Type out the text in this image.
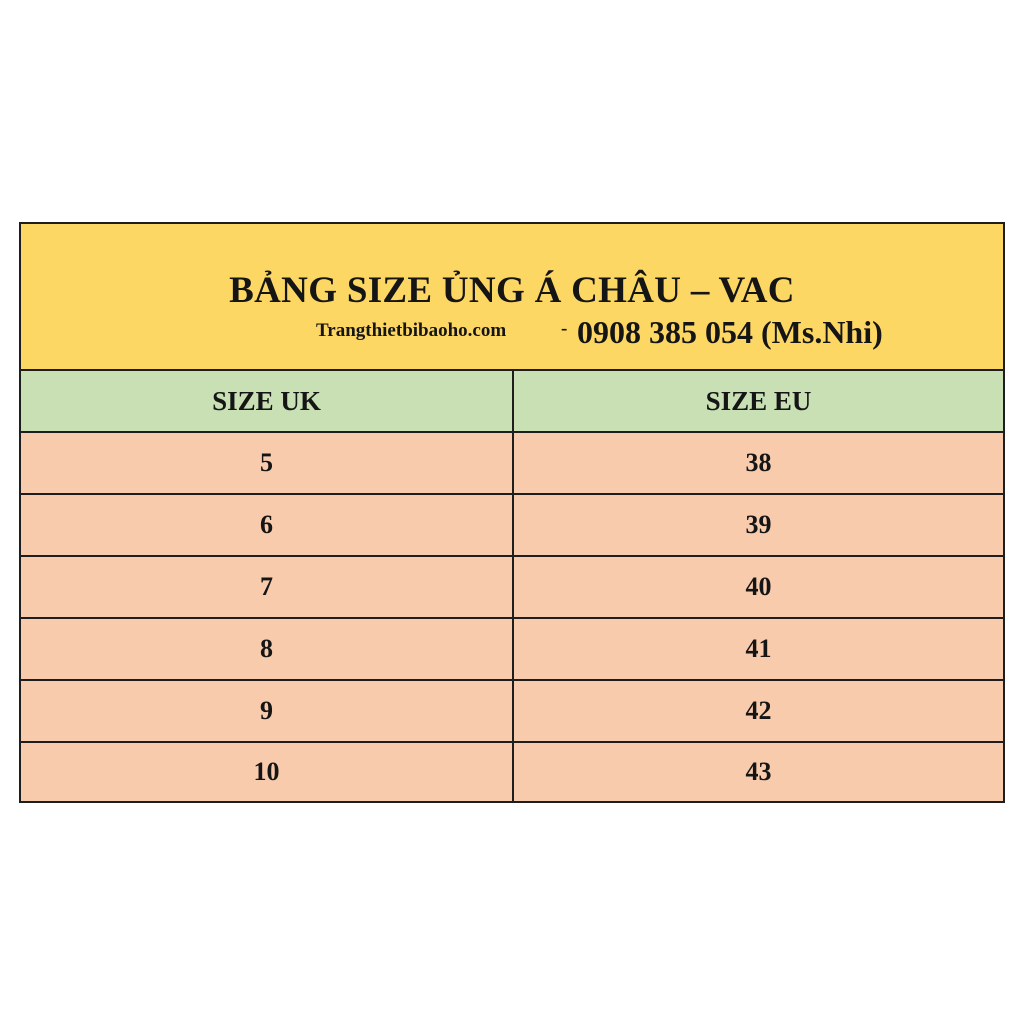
BẢNG SIZE ỦNG Á CHÂU – VAC
Trangthietbibaoho.com	- 0908 385 054 (Ms.Nhi)
SIZE UK	SIZE EU
5	38
6	39
7	40
8	41
9	42
10	43
